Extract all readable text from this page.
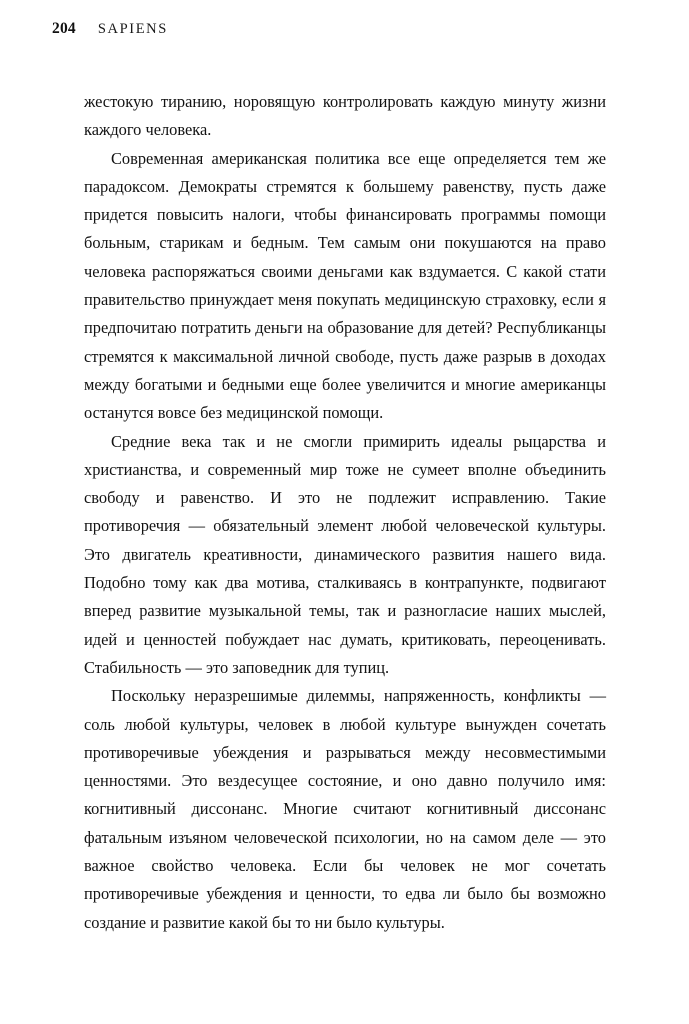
204 SAPIENS

жестокую тиранию, норовящую контролировать каждую минуту жизни каждого человека.

Современная американская политика все еще определяется тем же парадоксом. Демократы стремятся к большему равенству, пусть даже придется повысить налоги, чтобы финансировать программы помощи больным, старикам и бедным. Тем самым они покушаются на право человека распоряжаться своими деньгами как вздумается. С какой стати правительство принуждает меня покупать медицинскую страховку, если я предпочитаю потратить деньги на образование для детей? Республиканцы стремятся к максимальной личной свободе, пусть даже разрыв в доходах между богатыми и бедными еще более увеличится и многие американцы останутся вовсе без медицинской помощи.

Средние века так и не смогли примирить идеалы рыцарства и христианства, и современный мир тоже не сумеет вполне объединить свободу и равенство. И это не подлежит исправлению. Такие противоречия — обязательный элемент любой человеческой культуры. Это двигатель креативности, динамического развития нашего вида. Подобно тому как два мотива, сталкиваясь в контрапункте, подвигают вперед развитие музыкальной темы, так и разногласие наших мыслей, идей и ценностей побуждает нас думать, критиковать, переоценивать. Стабильность — это заповедник для тупиц.

Поскольку неразрешимые дилеммы, напряженность, конфликты — соль любой культуры, человек в любой культуре вынужден сочетать противоречивые убеждения и разрываться между несовместимыми ценностями. Это вездесущее состояние, и оно давно получило имя: когнитивный диссонанс. Многие считают когнитивный диссонанс фатальным изъяном человеческой психологии, но на самом деле — это важное свойство человека. Если бы человек не мог сочетать противоречивые убеждения и ценности, то едва ли было бы возможно создание и развитие какой бы то ни было культуры.
